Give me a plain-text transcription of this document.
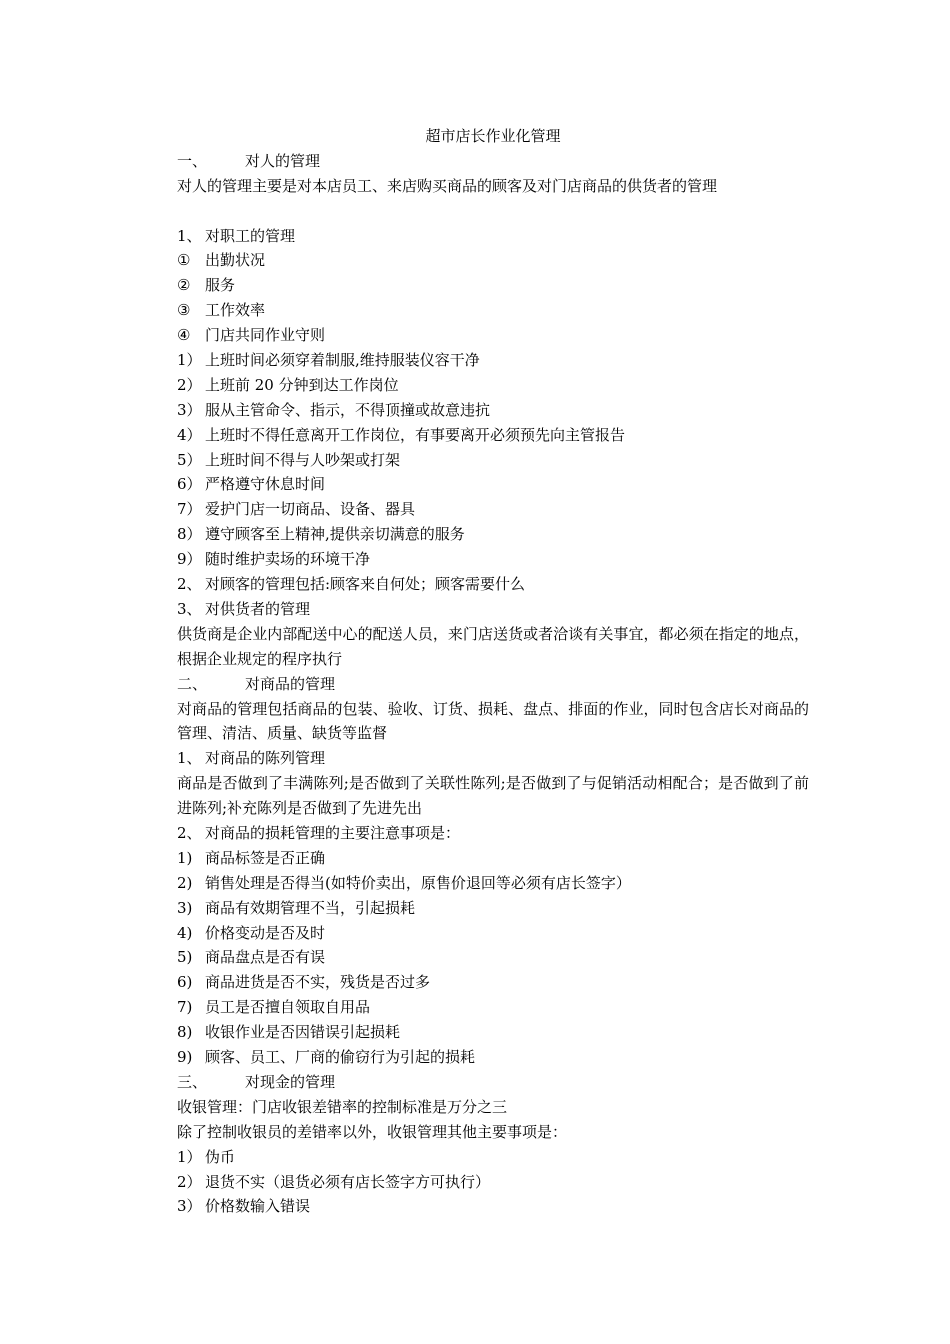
超市店长作业化管理
一、	对人的管理
对人的管理主要是对本店员工、来店购买商品的顾客及对门店商品的供货者的管理
1、 对职工的管理
① 出勤状况
② 服务
③ 工作效率
④ 门店共同作业守则
1） 上班时间必须穿着制服,维持服装仪容干净
2） 上班前 20 分钟到达工作岗位
3） 服从主管命令、指示，不得顶撞或故意违抗
4） 上班时不得任意离开工作岗位，有事要离开必须预先向主管报告
5） 上班时间不得与人吵架或打架
6） 严格遵守休息时间
7） 爱护门店一切商品、设备、器具
8） 遵守顾客至上精神,提供亲切满意的服务
9） 随时维护卖场的环境干净
2、 对顾客的管理包括:顾客来自何处；顾客需要什么
3、 对供货者的管理
供货商是企业内部配送中心的配送人员，来门店送货或者洽谈有关事宜，都必须在指定的地点，根据企业规定的程序执行
二、	对商品的管理
对商品的管理包括商品的包装、验收、订货、损耗、盘点、排面的作业，同时包含店长对商品的管理、清洁、质量、缺货等监督
1、 对商品的陈列管理
商品是否做到了丰满陈列;是否做到了关联性陈列;是否做到了与促销活动相配合；是否做到了前进陈列;补充陈列是否做到了先进先出
2、 对商品的损耗管理的主要注意事项是：
1) 商品标签是否正确
2) 销售处理是否得当(如特价卖出，原售价退回等必须有店长签字）
3) 商品有效期管理不当，引起损耗
4) 价格变动是否及时
5) 商品盘点是否有误
6) 商品进货是否不实，残货是否过多
7) 员工是否擅自领取自用品
8) 收银作业是否因错误引起损耗
9) 顾客、员工、厂商的偷窃行为引起的损耗
三、	对现金的管理
收银管理：门店收银差错率的控制标准是万分之三
除了控制收银员的差错率以外，收银管理其他主要事项是：
1） 伪币
2） 退货不实（退货必须有店长签字方可执行）
3） 价格数输入错误
